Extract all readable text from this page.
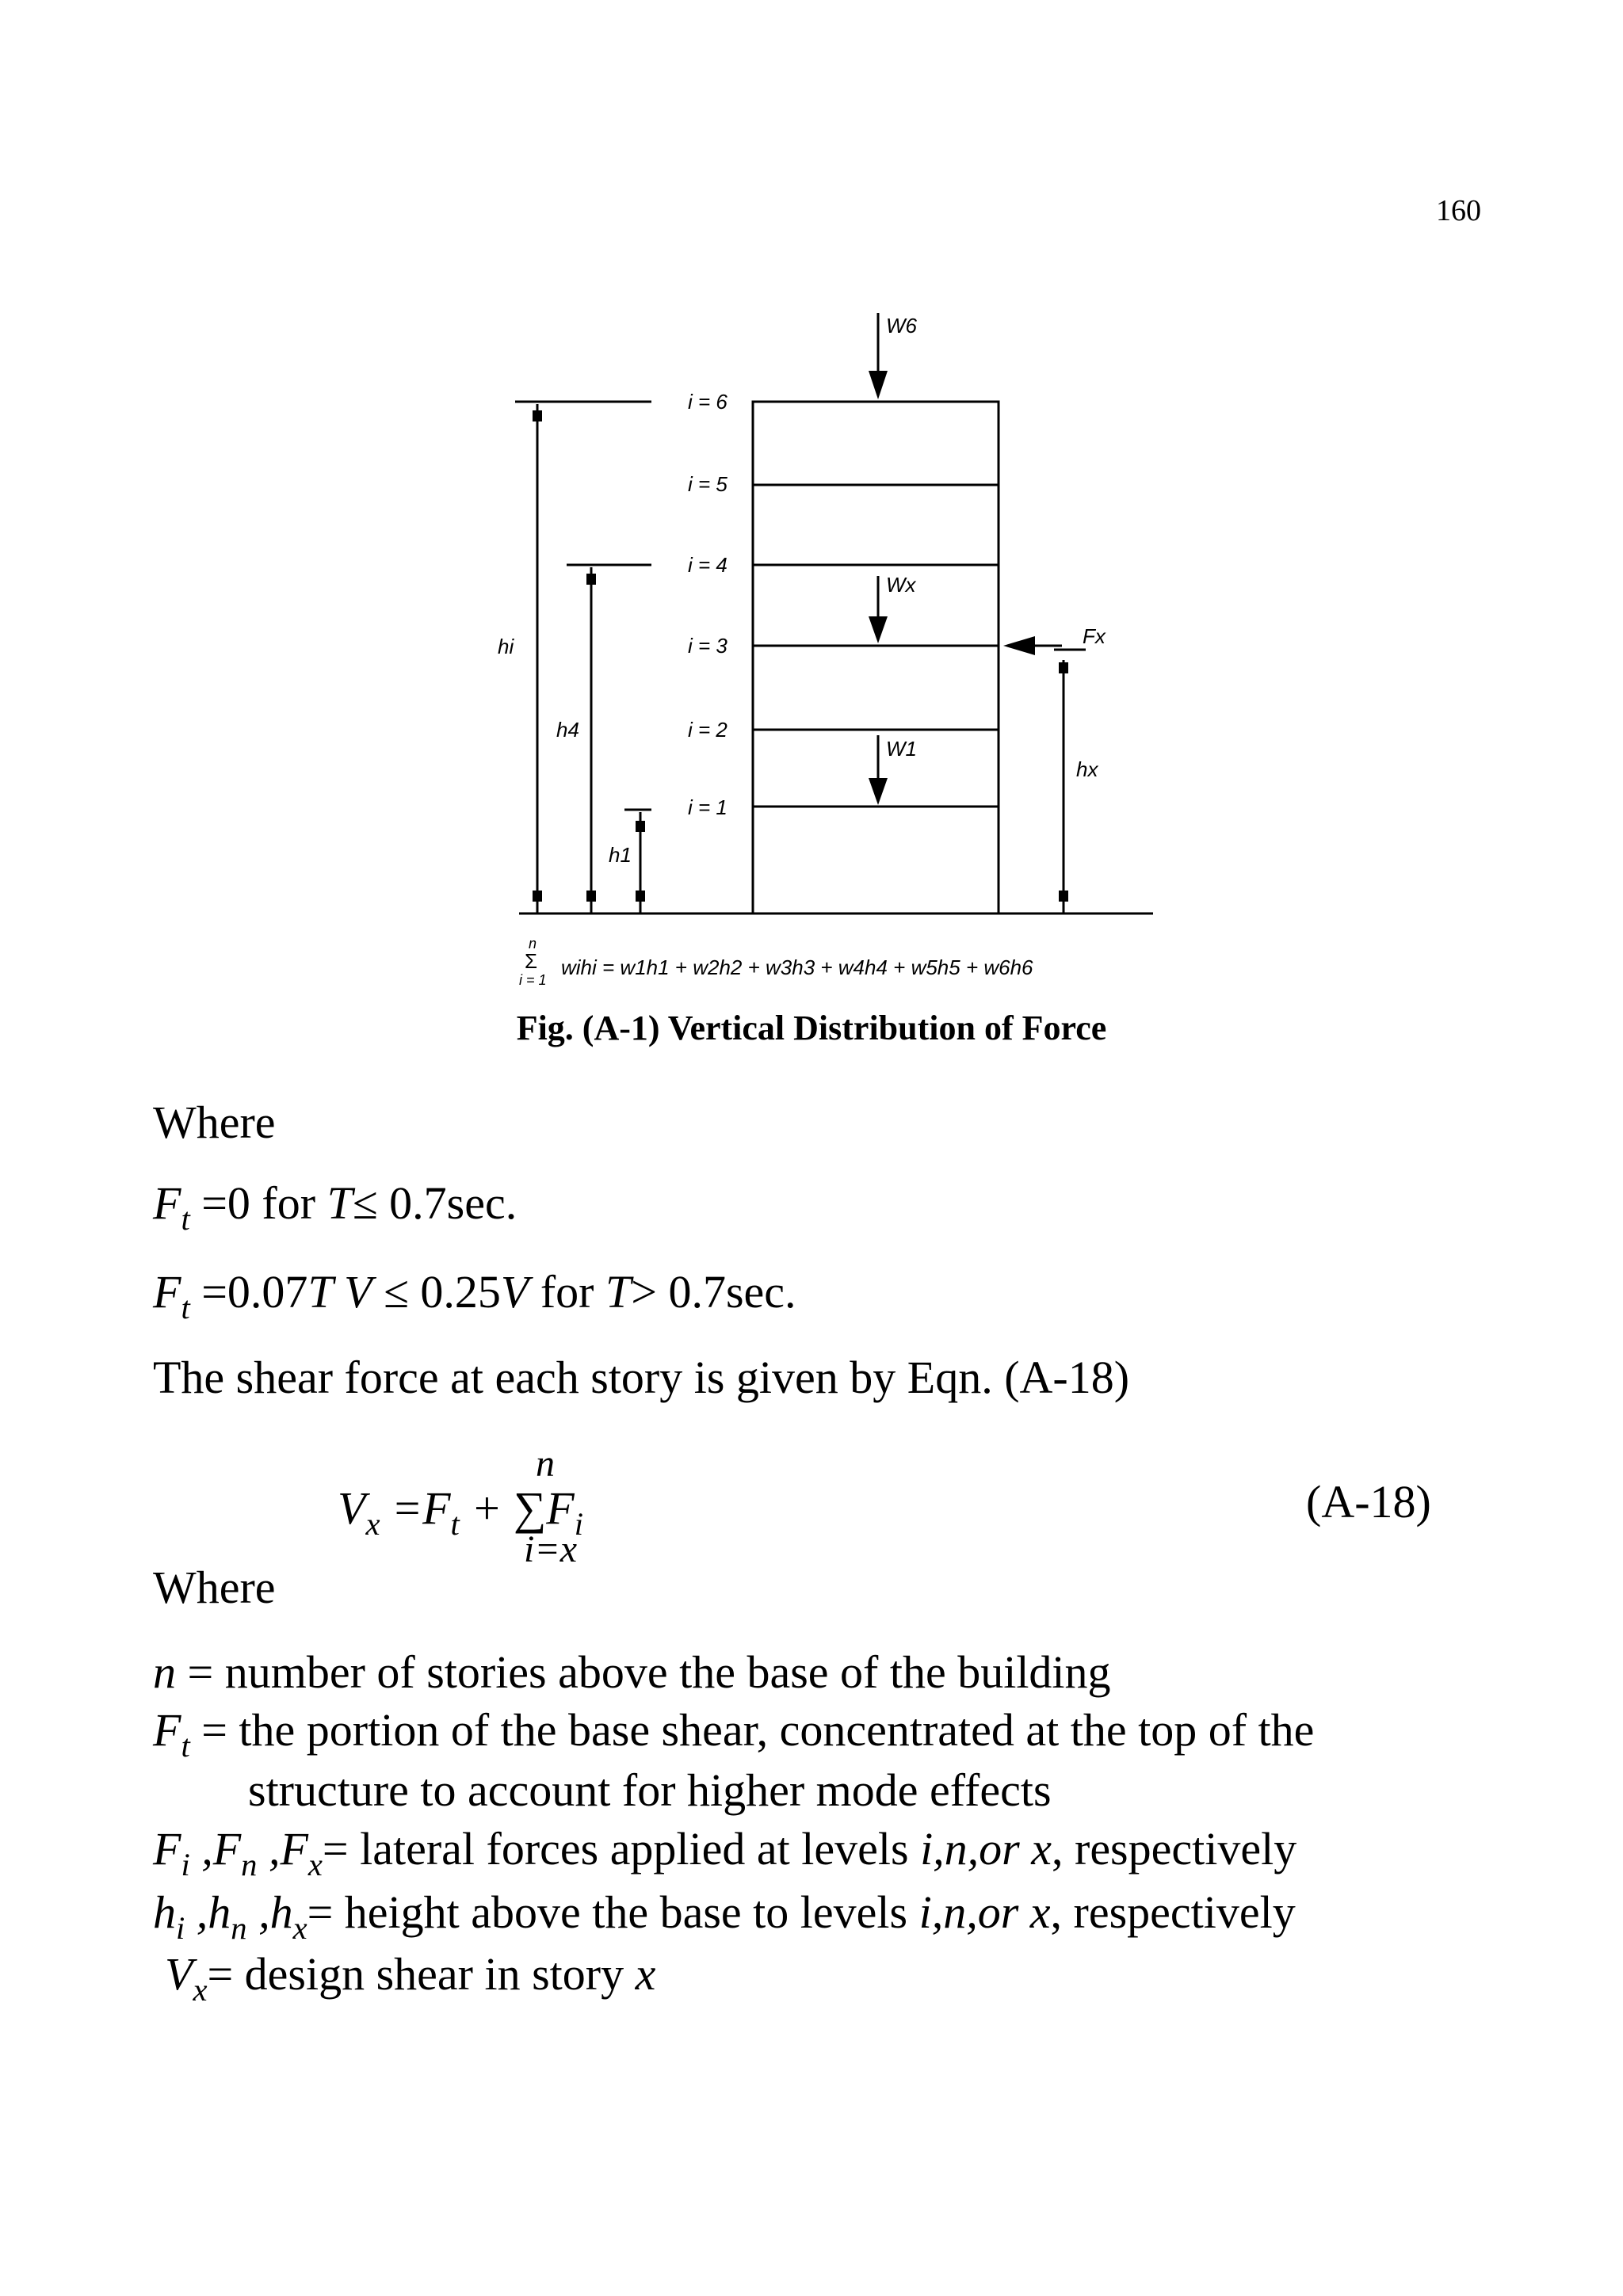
160
i = 6
i = 5
i = 4
i = 3
i = 2
i = 1
W6
Wx
W1
Fx
hi
h4
h1
hx
n
Σ
i = 1
wihi = w1h1 + w2h2 + w3h3 + w4h4 + w5h5 + w6h6
Fig. (A-1) Vertical Distribution of Force
Where
$F_t =0$ for T≤ 0.7sec.
$F_t =0.07T$ V ≤ 0.25V for T> 0.7sec.
The shear force at each story is given by Eqn. (A-18)
n
$V_x =F_t + \sum F_i$
i=x
(A-18)
Where
n = number of stories above the base of the building
$F_t$ = the portion of the base shear, concentrated at the top of the
structure to account for higher mode effects
$F_i$ $,F_n$ $,F_x=$ lateral forces applied at levels i,n,or x, respectively
$h_i$ $,h_n$ $,h_x=$ height above the base to levels i,n,or x, respectively
$V_x=$ design shear in story x
